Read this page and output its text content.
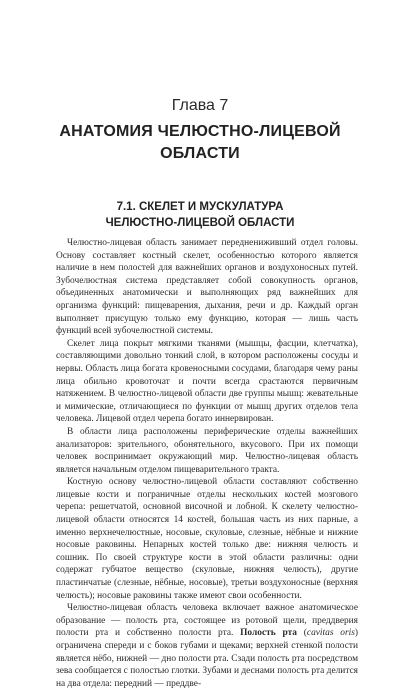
Глава 7
АНАТОМИЯ ЧЕЛЮСТНО-ЛИЦЕВОЙ
ОБЛАСТИ
7.1. СКЕЛЕТ И МУСКУЛАТУРА
ЧЕЛЮСТНО-ЛИЦЕВОЙ ОБЛАСТИ

Челюстно-лицевая область занимает переднениживший отдел головы. Основу составляет костный скелет, особенностью которого является наличие в нем полостей для важнейших органов и воздухоносных путей. Зубочелюстная система представляет собой совокупность органов, объединенных анатомически и выполняющих ряд важнейших для организма функций: пищеварения, дыхания, речи и др. Каждый орган выполняет присущую только ему функцию, которая — лишь часть функций всей зубочелюстной системы.

Скелет лица покрыт мягкими тканями (мышцы, фасции, клетчатка), составляющими довольно тонкий слой, в котором расположены сосуды и нервы. Область лица богата кровеносными сосудами, благодаря чему раны лица обильно кровоточат и почти всегда срастаются первичным натяжением. В челюстно-лицевой области две группы мышц: жевательные и мимические, отличающиеся по функции от мышц других отделов тела человека. Лицевой отдел черепа богато иннервирован.

В области лица расположены периферические отделы важнейших анализаторов: зрительного, обонятельного, вкусового. При их помощи человек воспринимает окружающий мир. Челюстно-лицевая область является начальным отделом пищеварительного тракта.

Костную основу челюстно-лицевой области составляют собственно лицевые кости и пограничные отделы нескольких костей мозгового черепа: решетчатой, основной височной и лобной. К скелету челюстно-лицевой области относятся 14 костей, большая часть из них парные, а именно верхнечелюстные, носовые, скуловые, слезные, нёбные и нижние носовые раковины. Непарных костей только две: нижняя челюсть и сошник. По своей структуре кости в этой области различны: одни содержат губчатое вещество (скуловые, нижняя челюсть), другие пластинчатые (слезные, нёбные, носовые), третьи воздухоносные (верхняя челюсть); носовые раковины также имеют свои особенности.

Челюстно-лицевая область человека включает важное анатомическое образование — полость рта, состоящее из ротовой щели, преддверия полости рта и собственно полости рта. Полость рта (cavitas oris) ограничена спереди и с боков губами и щеками; верхней стенкой полости является нёбо, нижней — дно полости рта. Сзади полость рта посредством зева сообщается с полостью глотки. Зубами и деснами полость рта делится на два отдела: передний — преддве-
